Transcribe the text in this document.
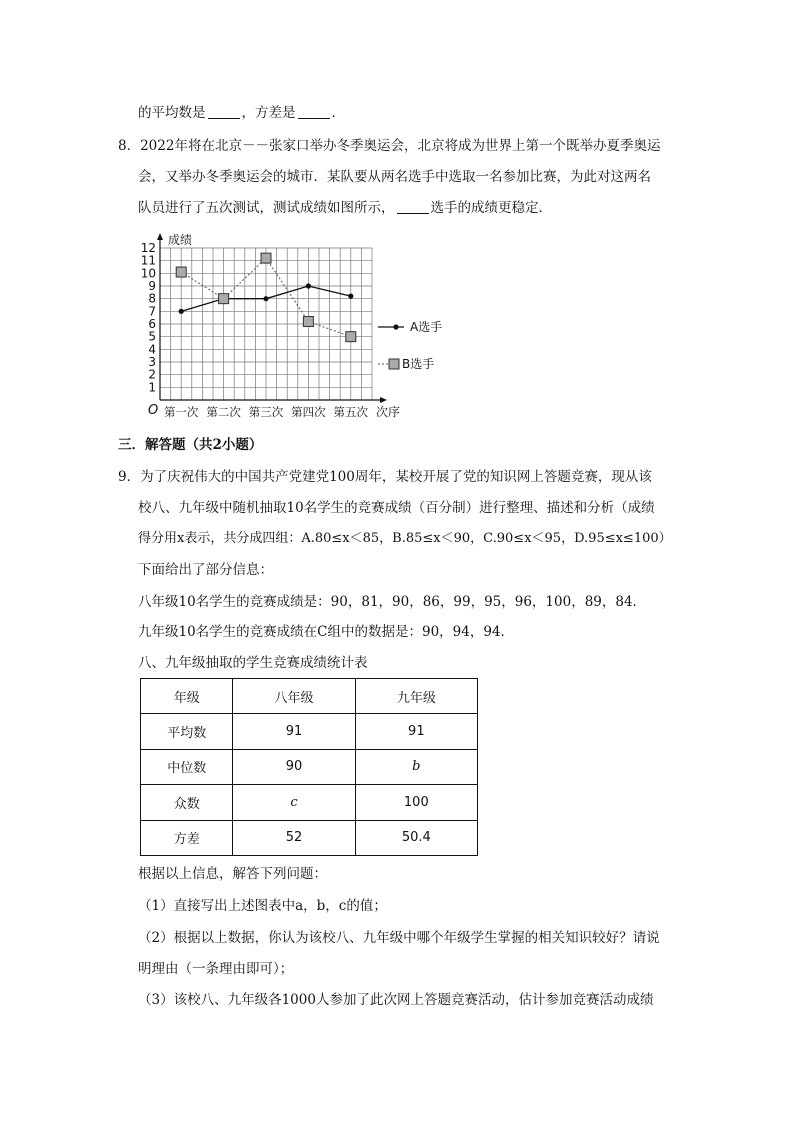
的平均数是	，方差是	．
8．2022年将在北京－－张家口举办冬季奥运会，北京将成为世界上第一个既举办夏季奥运
会，又举办冬季奥运会的城市．某队要从两名选手中选取一名参加比赛，为此对这两名
队员进行了五次测试，测试成绩如图所示，	选手的成绩更稳定．
1
2
3
4
5
6
7
8
9
10
11
12
成绩
O	次序
第一次 第二次 第三次 第四次 第五次
A选手
B选手
三．解答题（共2小题）
9．为了庆祝伟大的中国共产党建党100周年，某校开展了党的知识网上答题竞赛，现从该
校八、九年级中随机抽取10名学生的竞赛成绩（百分制）进行整理、描述和分析（成绩
得分用x表示，共分成四组：A.80≤x＜85，B.85≤x＜90，C.90≤x＜95，D.95≤x≤100）
下面给出了部分信息：
八年级10名学生的竞赛成绩是：90，81，90，86，99，95，96，100，89，84．
九年级10名学生的竞赛成绩在C组中的数据是：90，94，94．
八、九年级抽取的学生竞赛成绩统计表
年级	八年级	九年级
平均数	91	91
中位数	90	b
众数	c	100
方差	52	50.4
根据以上信息，解答下列问题：
（1）直接写出上述图表中a，b，c的值；
（2）根据以上数据，你认为该校八、九年级中哪个年级学生掌握的相关知识较好？请说
明理由（一条理由即可）；
（3）该校八、九年级各1000人参加了此次网上答题竞赛活动，估计参加竞赛活动成绩
